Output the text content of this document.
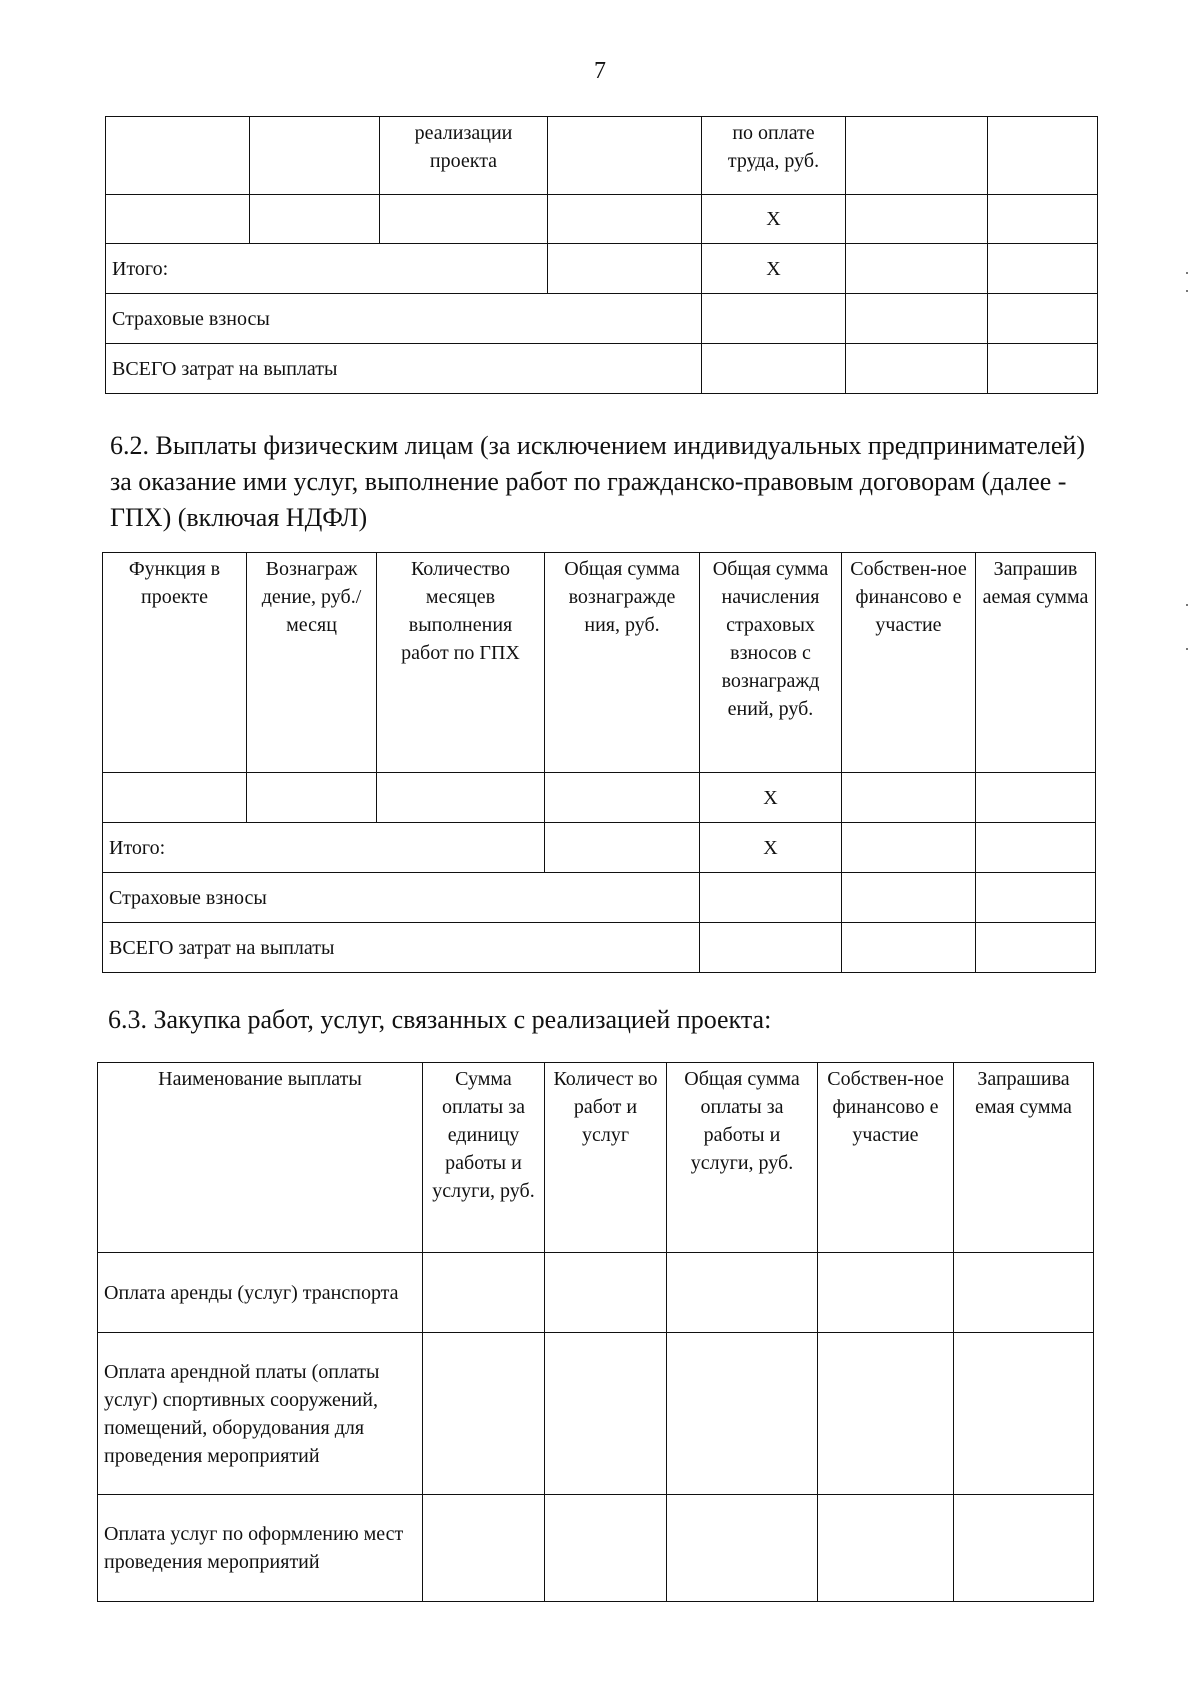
7
		реализации проекта		по оплате труда, руб.		
				Х		
Итого:				Х		
Страховые взносы						
ВСЕГО затрат на выплаты						

6.2. Выплаты физическим лицам (за исключением индивидуальных предпринимателей) за оказание ими услуг, выполнение работ по гражданско-правовым договорам (далее - ГПХ) (включая НДФЛ)

Функция в проекте	Вознаграж дение, руб./месяц	Количество месяцев выполнения работ по ГПХ	Общая сумма вознагражде ния, руб.	Общая сумма начисления страховых взносов с вознагражд ений, руб.	Собствен-ное финансово е участие	Запрашив аемая сумма
				Х		
Итого:				Х		
Страховые взносы						
ВСЕГО затрат на выплаты						

6.3. Закупка работ, услуг, связанных с реализацией проекта:

Наименование выплаты	Сумма оплаты за единицу работы и услуги, руб.	Количест во работ и услуг	Общая сумма оплаты за работы и услуги, руб.	Собствен-ное финансово е участие	Запрашива емая сумма
Оплата аренды (услуг) транспорта					
Оплата арендной платы (оплаты услуг) спортивных сооружений, помещений, оборудования для проведения мероприятий					
Оплата услуг по оформлению мест проведения мероприятий					
